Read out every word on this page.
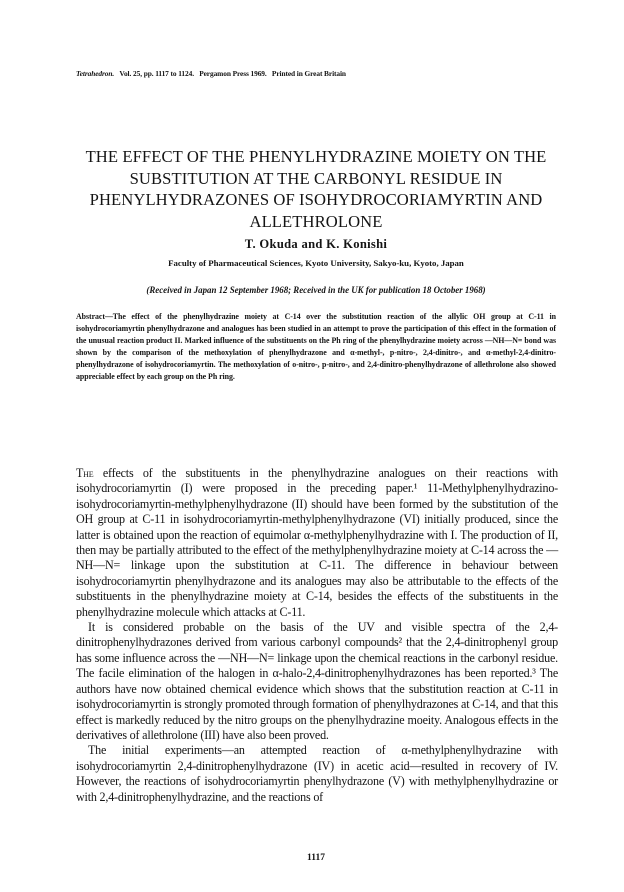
Tetrahedron. Vol. 25, pp. 1117 to 1124. Pergamon Press 1969. Printed in Great Britain
THE EFFECT OF THE PHENYLHYDRAZINE MOIETY ON THE SUBSTITUTION AT THE CARBONYL RESIDUE IN PHENYLHYDRAZONES OF ISOHYDROCORIAMYRTIN AND ALLETHROLONE
T. Okuda and K. Konishi
Faculty of Pharmaceutical Sciences, Kyoto University, Sakyo-ku, Kyoto, Japan
(Received in Japan 12 September 1968; Received in the UK for publication 18 October 1968)
Abstract—The effect of the phenylhydrazine moiety at C-14 over the substitution reaction of the allylic OH group at C-11 in isohydrocoriamyrtin phenylhydrazone and analogues has been studied in an attempt to prove the participation of this effect in the formation of the unusual reaction product II. Marked influence of the substituents on the Ph ring of the phenylhydrazine moiety across —NH—N= bond was shown by the comparison of the methoxylation of phenylhydrazone and α-methyl-, p-nitro-, 2,4-dinitro-, and α-methyl-2,4-dinitro-phenylhydrazone of isohydrocoriamyrtin. The methoxylation of o-nitro-, p-nitro-, and 2,4-dinitro-phenylhydrazone of allethrolone also showed appreciable effect by each group on the Ph ring.

The effects of the substituents in the phenylhydrazine analogues on their reactions with isohydrocoriamyrtin (I) were proposed in the preceding paper.¹ 11-Methylphenylhydrazino-isohydrocoriamyrtin-methylphenylhydrazone (II) should have been formed by the substitution of the OH group at C-11 in isohydrocoriamyrtin-methylphenylhydrazone (VI) initially produced, since the latter is obtained upon the reaction of equimolar α-methylphenylhydrazine with I. The production of II, then may be partially attributed to the effect of the methylphenylhydrazine moiety at C-14 across the —NH—N= linkage upon the substitution at C-11. The difference in behaviour between isohydrocoriamyrtin phenylhydrazone and its analogues may also be attributable to the effects of the substituents in the phenylhydrazine moiety at C-14, besides the effects of the substituents in the phenylhydrazine molecule which attacks at C-11.

It is considered probable on the basis of the UV and visible spectra of the 2,4-dinitrophenylhydrazones derived from various carbonyl compounds² that the 2,4-dinitrophenyl group has some influence across the —NH—N= linkage upon the chemical reactions in the carbonyl residue. The facile elimination of the halogen in α-halo-2,4-dinitrophenylhydrazones has been reported.³ The authors have now obtained chemical evidence which shows that the substitution reaction at C-11 in isohydrocoriamyrtin is strongly promoted through formation of phenylhydrazones at C-14, and that this effect is markedly reduced by the nitro groups on the phenylhydrazine moeity. Analogous effects in the derivatives of allethrolone (III) have also been proved.

The initial experiments—an attempted reaction of α-methylphenylhydrazine with isohydrocoriamyrtin 2,4-dinitrophenylhydrazone (IV) in acetic acid—resulted in recovery of IV. However, the reactions of isohydrocoriamyrtin phenylhydrazone (V) with methylphenylhydrazine or with 2,4-dinitrophenylhydrazine, and the reactions of

1117
